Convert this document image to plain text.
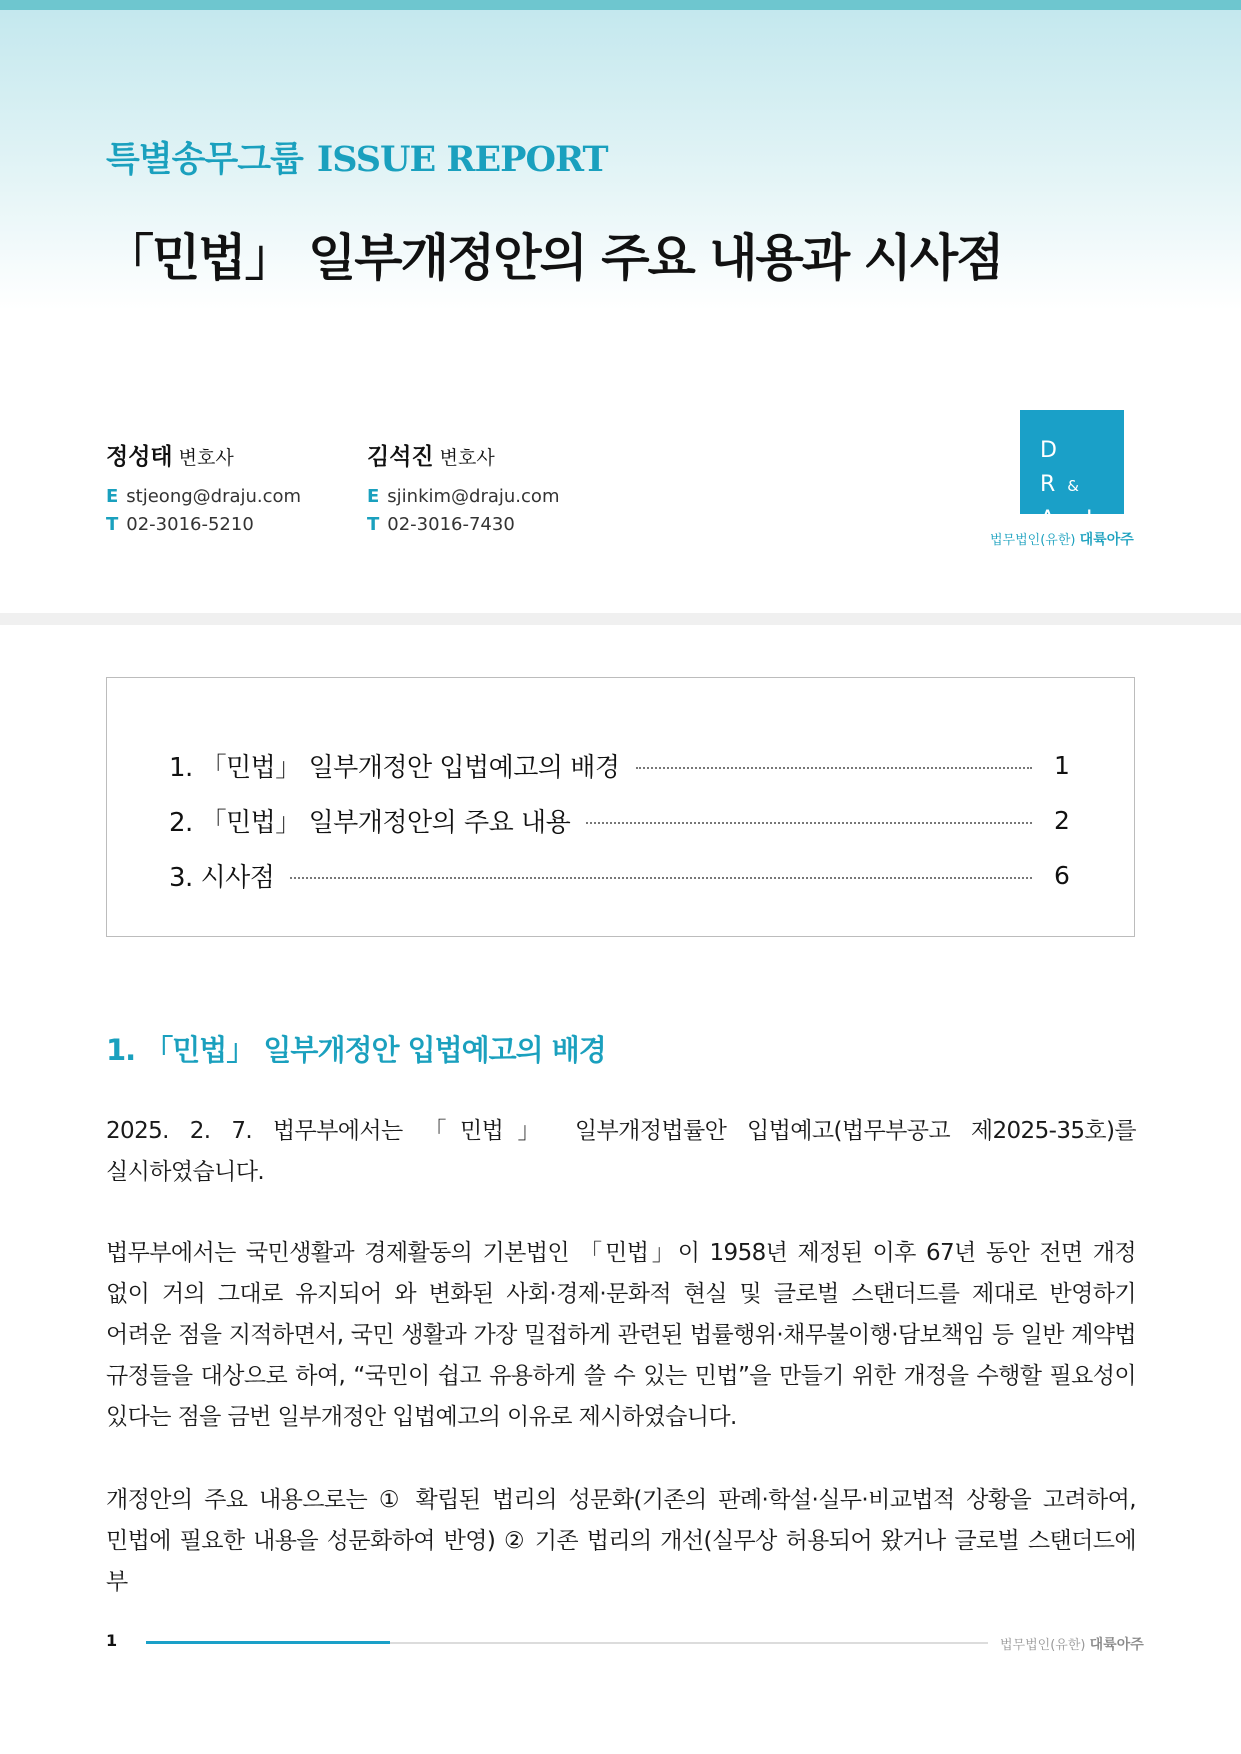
특별송무그룹 ISSUE REPORT
「민법」 일부개정안의 주요 내용과 시사점
정성태 변호사
E stjeong@draju.com
T 02-3016-5210
김석진 변호사
E sjinkim@draju.com
T 02-3016-7430
D R&
A J U
법무법인(유한) 대륙아주
1. 「민법」 일부개정안 입법예고의 배경	1
2. 「민법」 일부개정안의 주요 내용	2
3. 시사점	6
1. 「민법」 일부개정안 입법예고의 배경

2025. 2. 7. 법무부에서는 「민법」 일부개정법률안 입법예고(법무부공고 제2025-35호)를 실시하였습니다.

법무부에서는 국민생활과 경제활동의 기본법인 「민법」이 1958년 제정된 이후 67년 동안 전면 개정 없이 거의 그대로 유지되어 와 변화된 사회·경제·문화적 현실 및 글로벌 스탠더드를 제대로 반영하기 어려운 점을 지적하면서, 국민 생활과 가장 밀접하게 관련된 법률행위·채무불이행·담보책임 등 일반 계약법 규정들을 대상으로 하여, “국민이 쉽고 유용하게 쓸 수 있는 민법”을 만들기 위한 개정을 수행할 필요성이 있다는 점을 금번 일부개정안 입법예고의 이유로 제시하였습니다.

개정안의 주요 내용으로는 ① 확립된 법리의 성문화(기존의 판례·학설·실무·비교법적 상황을 고려하여, 민법에 필요한 내용을 성문화하여 반영) ② 기존 법리의 개선(실무상 허용되어 왔거나 글로벌 스탠더드에 부

1	법무법인(유한) 대륙아주
